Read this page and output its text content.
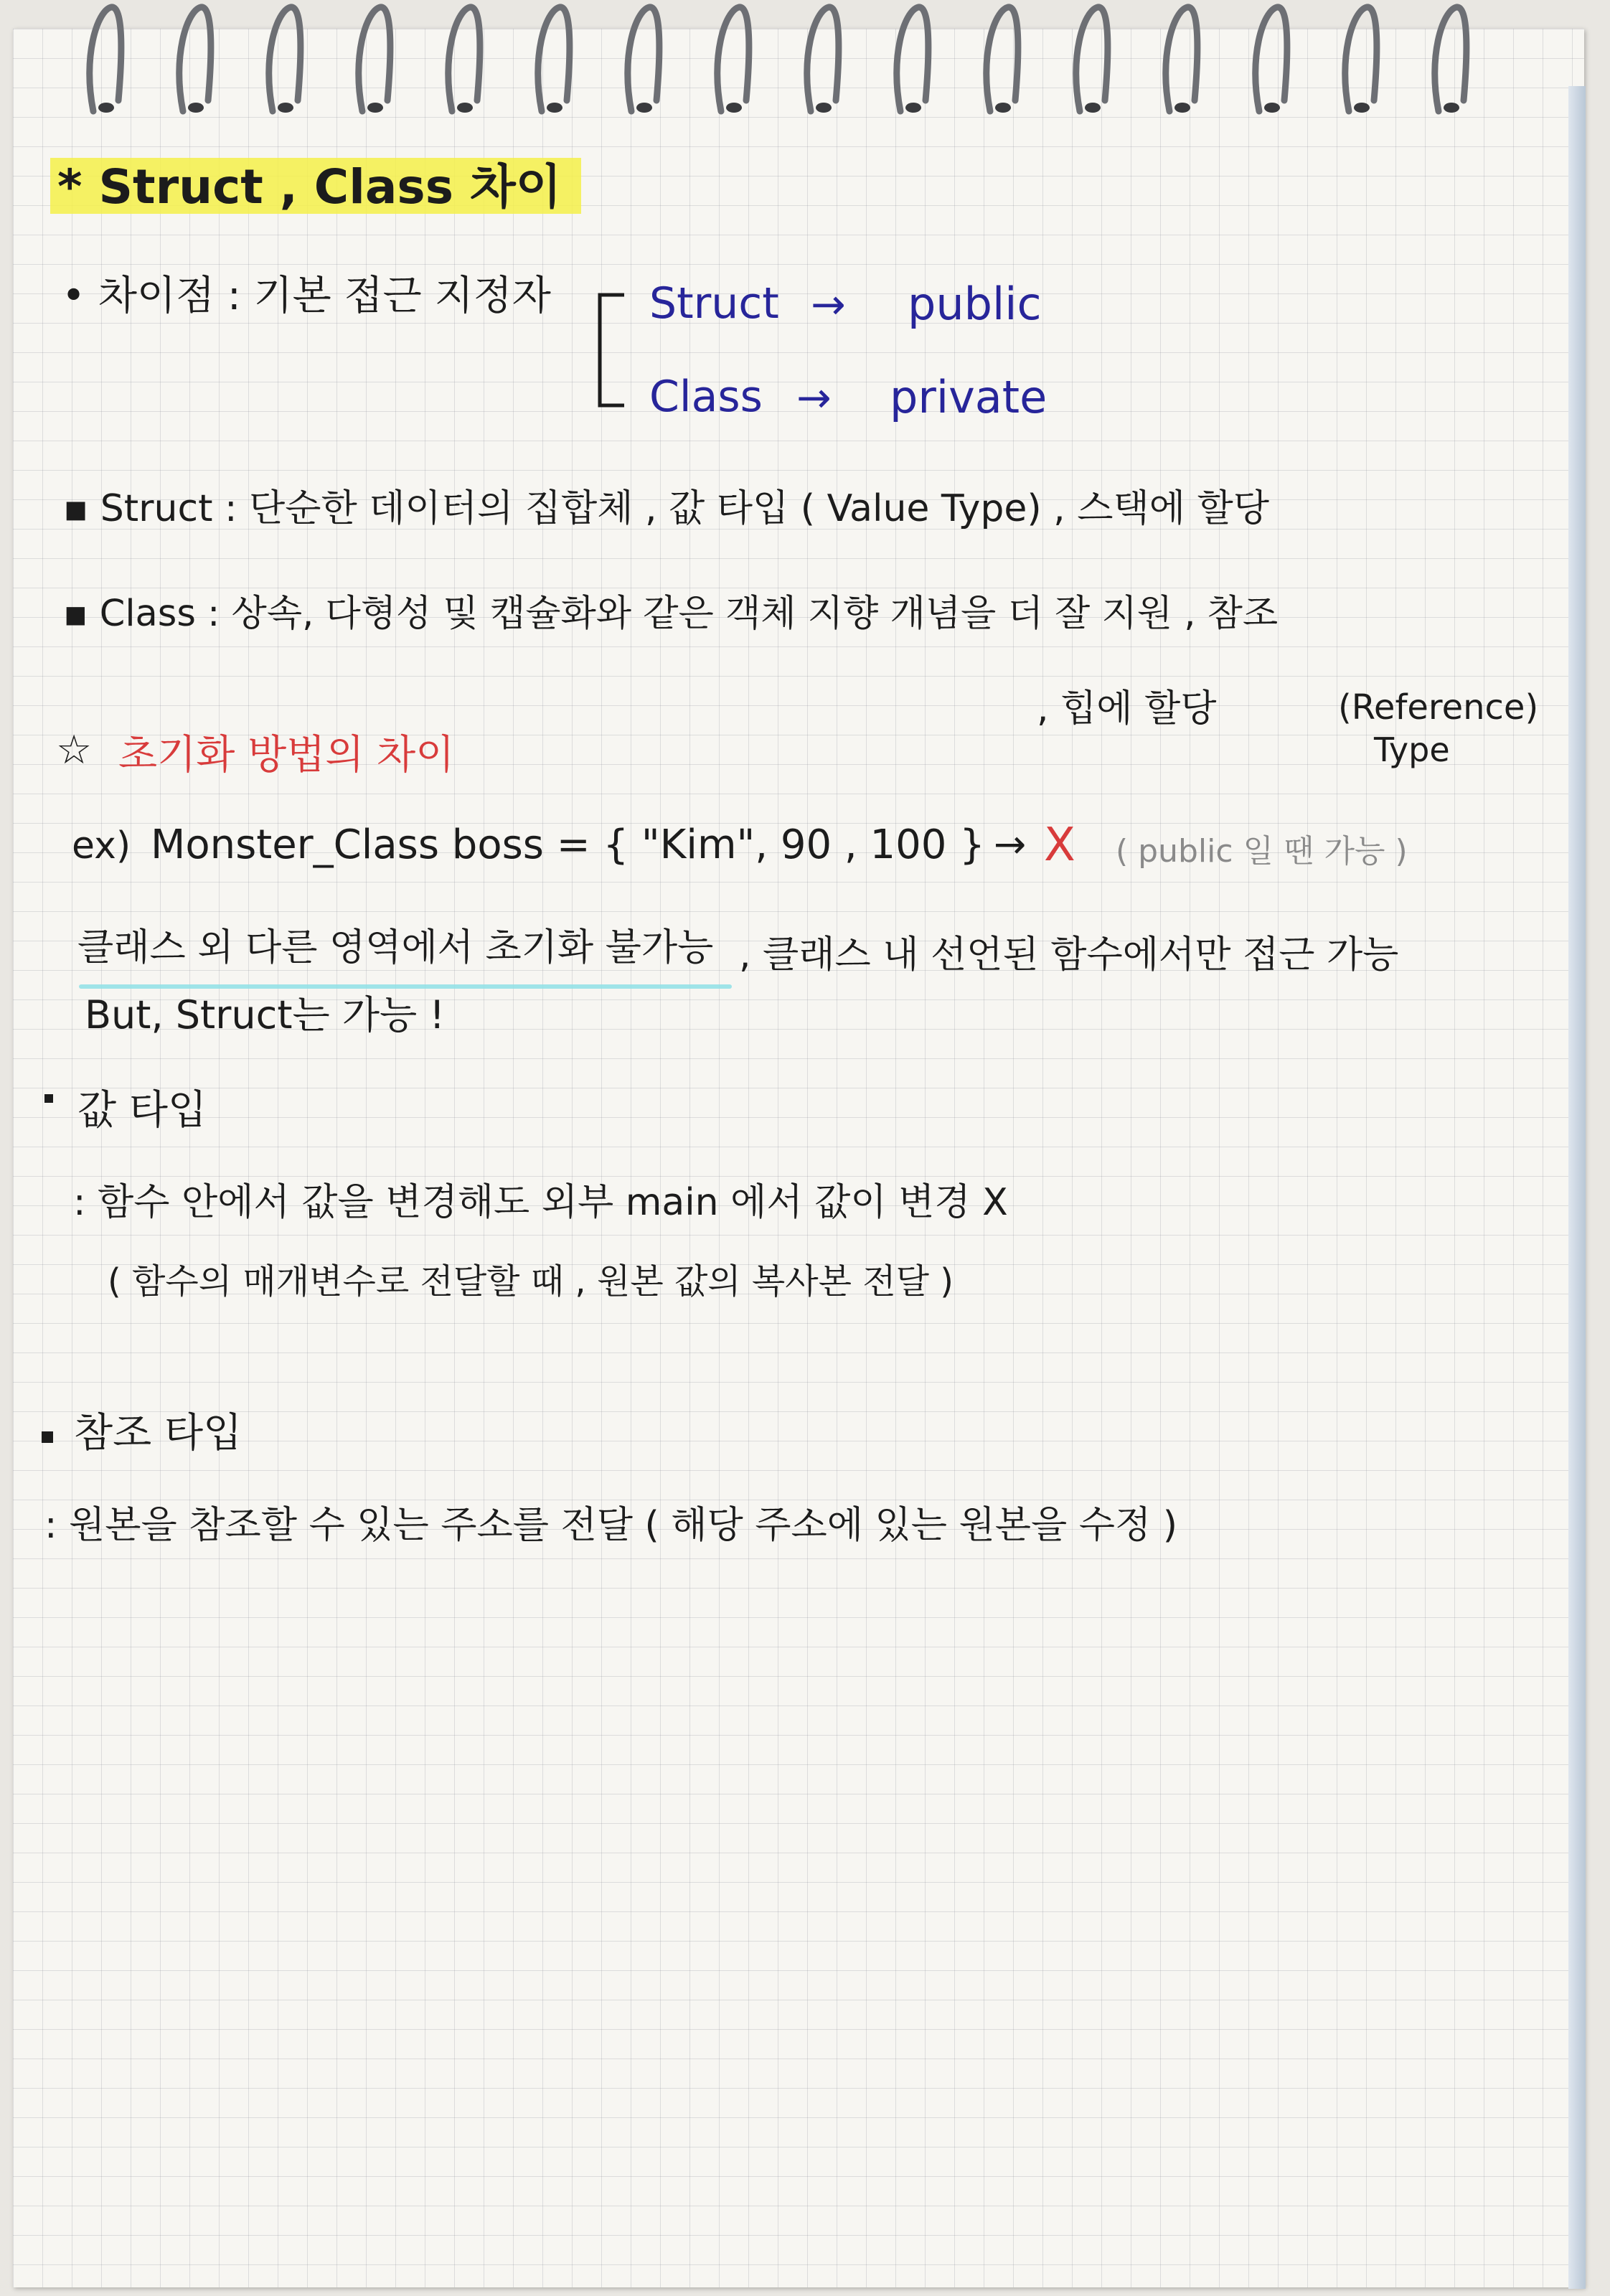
* Struct , Class 차이
• 차이점 : 기본 접근 지정자 Struct → public
Class → private
▪ Struct : 단순한 데이터의 집합체 , 값 타입 ( Value Type) , 스택에 할당
▪ Class : 상속, 다형성 및 캡슐화와 같은 객체 지향 개념을 더 잘 지원 , 참조
, 힙에 할당	(Reference)
Type
☆ 초기화 방법의 차이
ex) Monster_Class boss = { "Kim", 90 , 100 } → X ( public 일 땐 가능 )
클래스 외 다른 영역에서 초기화 불가능 , 클래스 내 선언된 함수에서만 접근 가능
But, Struct는 가능 !
값 타입
: 함수 안에서 값을 변경해도 외부 main 에서 값이 변경 X
( 함수의 매개변수로 전달할 때 , 원본 값의 복사본 전달 )
참조 타입
: 원본을 참조할 수 있는 주소를 전달 ( 해당 주소에 있는 원본을 수정 )
